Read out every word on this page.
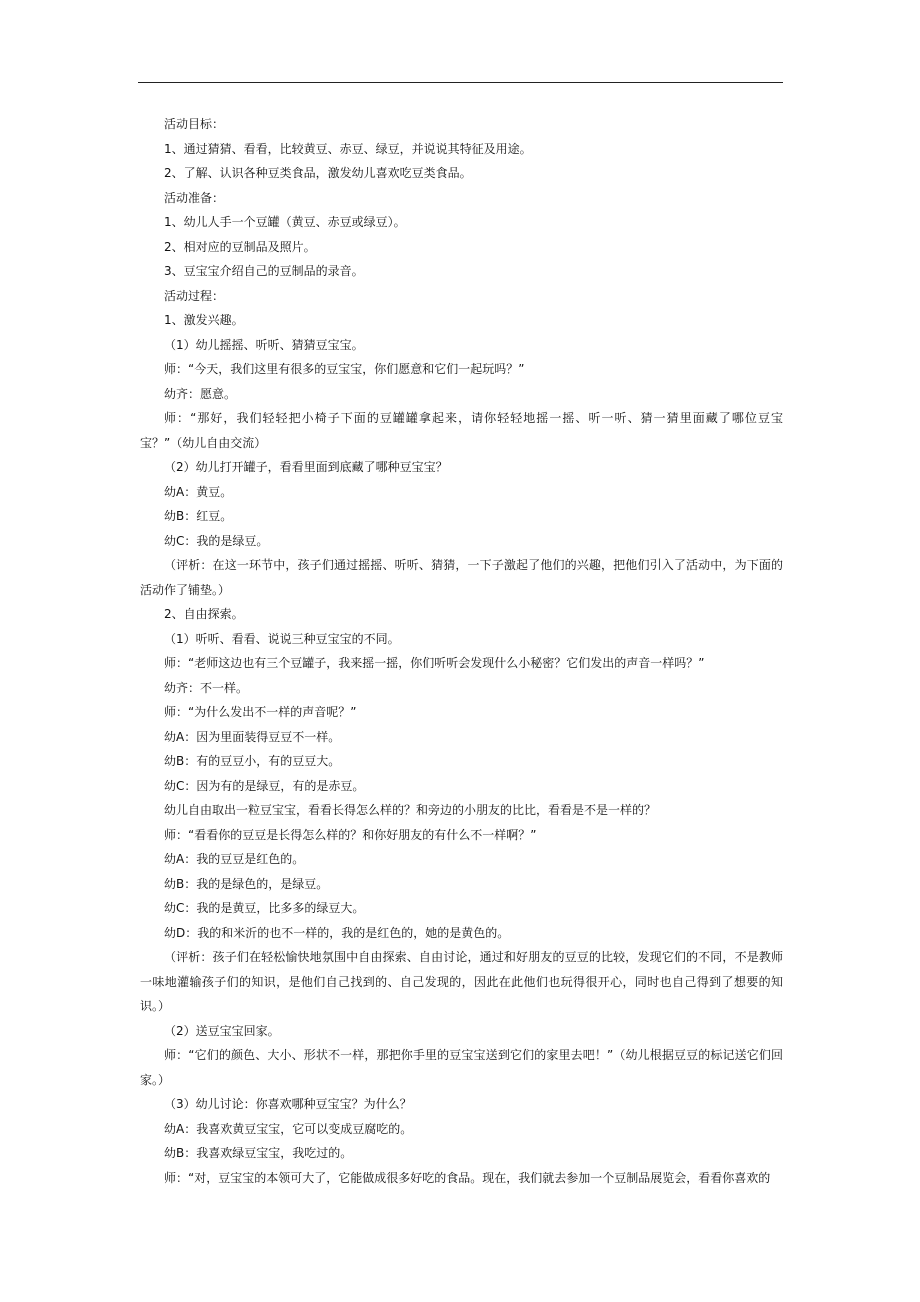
活动目标：

1、通过猜猜、看看，比较黄豆、赤豆、绿豆，并说说其特征及用途。

2、了解、认识各种豆类食品，激发幼儿喜欢吃豆类食品。

活动准备：

1、幼儿人手一个豆罐（黄豆、赤豆或绿豆）。

2、相对应的豆制品及照片。

3、豆宝宝介绍自己的豆制品的录音。

活动过程：

1、激发兴趣。

（1）幼儿摇摇、听听、猜猜豆宝宝。

师：“今天，我们这里有很多的豆宝宝，你们愿意和它们一起玩吗？”

幼齐：愿意。

师：“那好，我们轻轻把小椅子下面的豆罐罐拿起来，请你轻轻地摇一摇、听一听、猜一猜里面藏了哪位豆宝宝？”（幼儿自由交流）

（2）幼儿打开罐子，看看里面到底藏了哪种豆宝宝？

幼A：黄豆。

幼B：红豆。

幼C：我的是绿豆。

（评析：在这一环节中，孩子们通过摇摇、听听、猜猜，一下子激起了他们的兴趣，把他们引入了活动中，为下面的活动作了铺垫。）

2、自由探索。

（1）听听、看看、说说三种豆宝宝的不同。

师：“老师这边也有三个豆罐子，我来摇一摇，你们听听会发现什么小秘密？它们发出的声音一样吗？”

幼齐：不一样。

师：“为什么发出不一样的声音呢？”

幼A：因为里面装得豆豆不一样。

幼B：有的豆豆小，有的豆豆大。

幼C：因为有的是绿豆，有的是赤豆。

幼儿自由取出一粒豆宝宝，看看长得怎么样的？和旁边的小朋友的比比，看看是不是一样的？

师：“看看你的豆豆是长得怎么样的？和你好朋友的有什么不一样啊？”

幼A：我的豆豆是红色的。

幼B：我的是绿色的，是绿豆。

幼C：我的是黄豆，比多多的绿豆大。

幼D：我的和米沂的也不一样的，我的是红色的，她的是黄色的。

（评析：孩子们在轻松愉快地氛围中自由探索、自由讨论，通过和好朋友的豆豆的比较，发现它们的不同，不是教师一味地灌输孩子们的知识，是他们自己找到的、自己发现的，因此在此他们也玩得很开心，同时也自己得到了想要的知识。）

（2）送豆宝宝回家。

师：“它们的颜色、大小、形状不一样，那把你手里的豆宝宝送到它们的家里去吧！”（幼儿根据豆豆的标记送它们回家。）

（3）幼儿讨论：你喜欢哪种豆宝宝？为什么？

幼A：我喜欢黄豆宝宝，它可以变成豆腐吃的。

幼B：我喜欢绿豆宝宝，我吃过的。

师：“对，豆宝宝的本领可大了，它能做成很多好吃的食品。现在，我们就去参加一个豆制品展览会，看看你喜欢的
